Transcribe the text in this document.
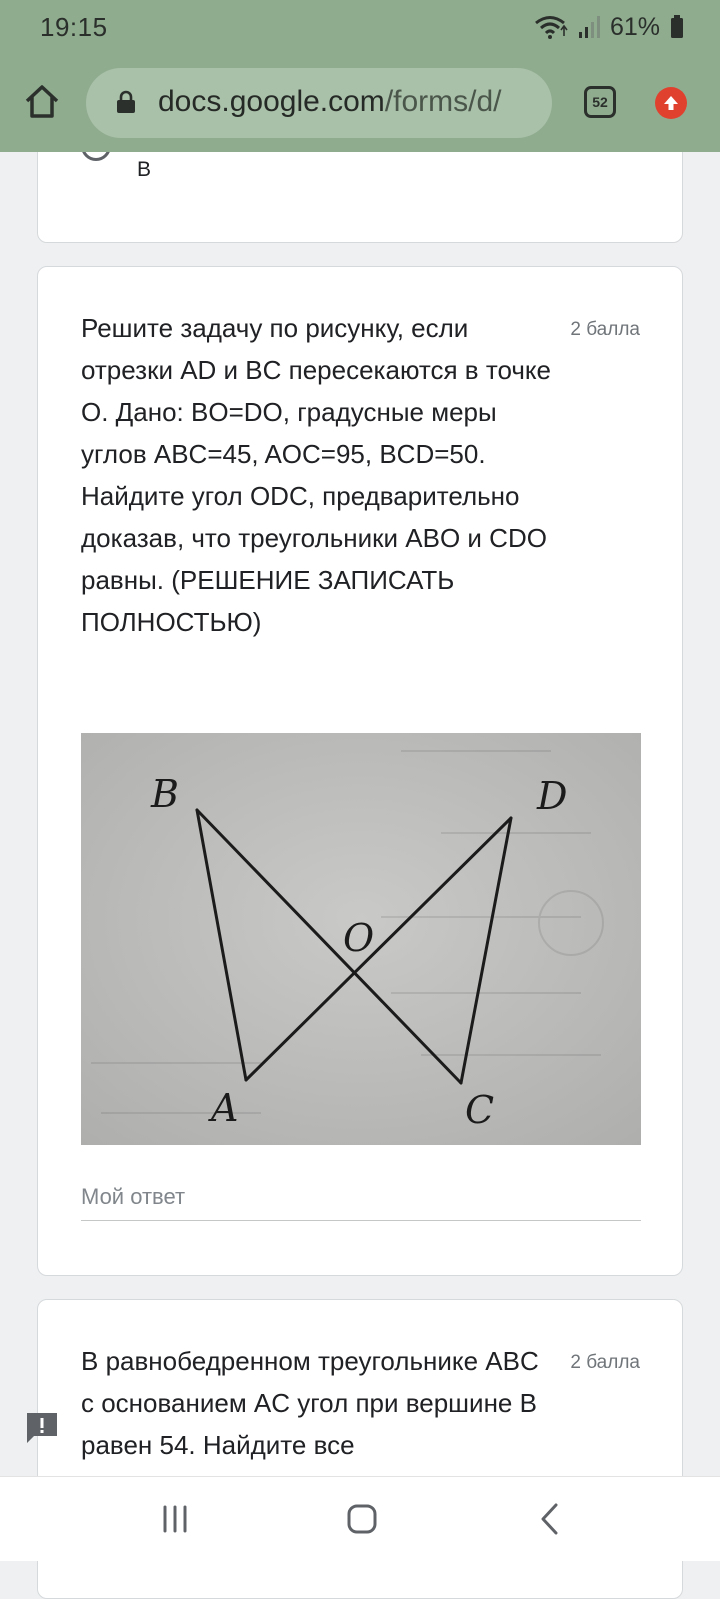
19:15	61%
docs.google.com/forms/d/	52
B
Решите задачу по рисунку, если отрезки AD и BC пересекаются в точке O. Дано: BO=DO, градусные меры углов ABC=45, AOC=95, BCD=50. Найдите угол ODC, предварительно доказав, что треугольники ABO и CDO равны. (РЕШЕНИЕ ЗАПИСАТЬ ПОЛНОСТЬЮ)
2 балла
B	D
O
A	C
Мой ответ
В равнобедренном треугольнике ABC с основанием AC угол при вершине B равен 54. Найдите все
2 балла
